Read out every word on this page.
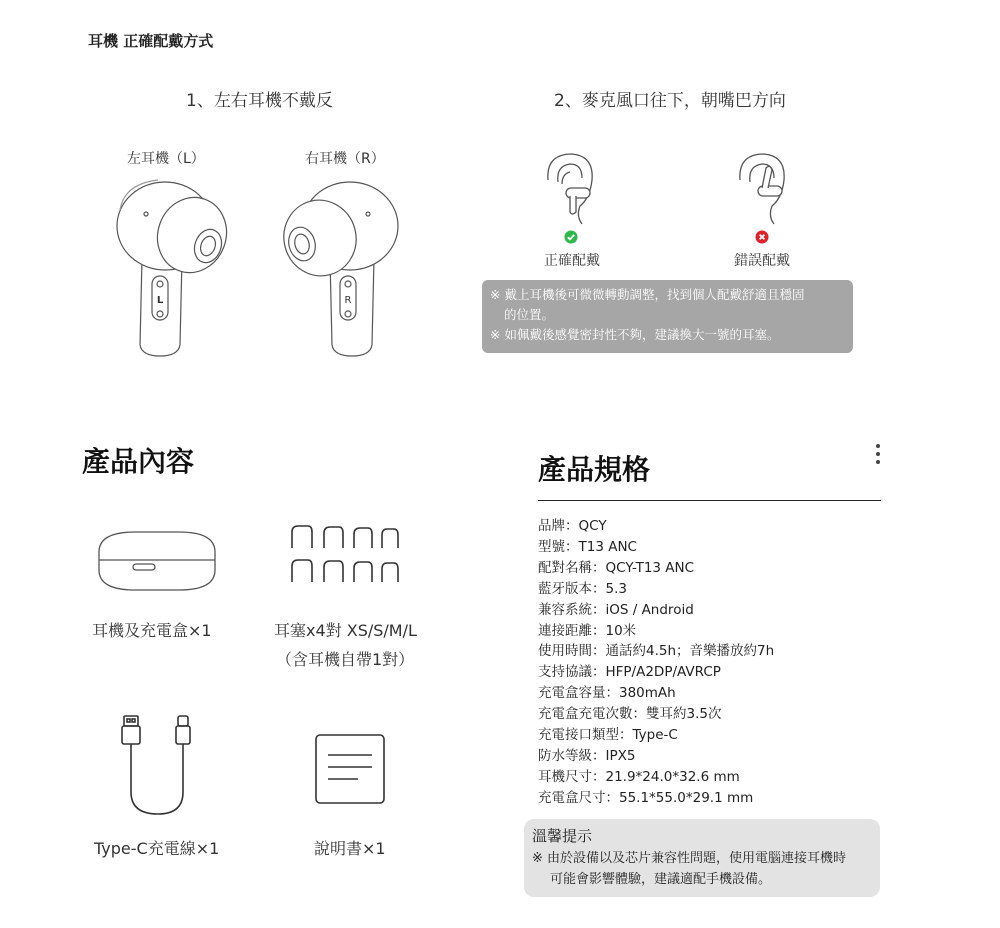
耳機 正確配戴方式
1、左右耳機不戴反	2、麥克風口往下，朝嘴巴方向
左耳機（L）	右耳機（R）
L	R
正確配戴	錯誤配戴
※ 戴上耳機後可微微轉動調整，找到個人配戴舒適且穩固
的位置。
※ 如佩戴後感覺密封性不夠，建議換大一號的耳塞。
產品內容
耳機及充電盒×1	耳塞x4對 XS/S/M/L
（含耳機自帶1對）
Type-C充電線×1	說明書×1
產品規格
品牌：QCY
型號：T13 ANC
配對名稱：QCY-T13 ANC
藍牙版本：5.3
兼容系統：iOS / Android
連接距離：10米
使用時間：通話約4.5h；音樂播放約7h
支持協議：HFP/A2DP/AVRCP
充電盒容量：380mAh
充電盒充電次數：雙耳約3.5次
充電接口類型：Type-C
防水等級：IPX5
耳機尺寸：21.9*24.0*32.6 mm
充電盒尺寸：55.1*55.0*29.1 mm
溫馨提示
※ 由於設備以及芯片兼容性問題，使用電腦連接耳機時
可能會影響體驗，建議適配手機設備。
